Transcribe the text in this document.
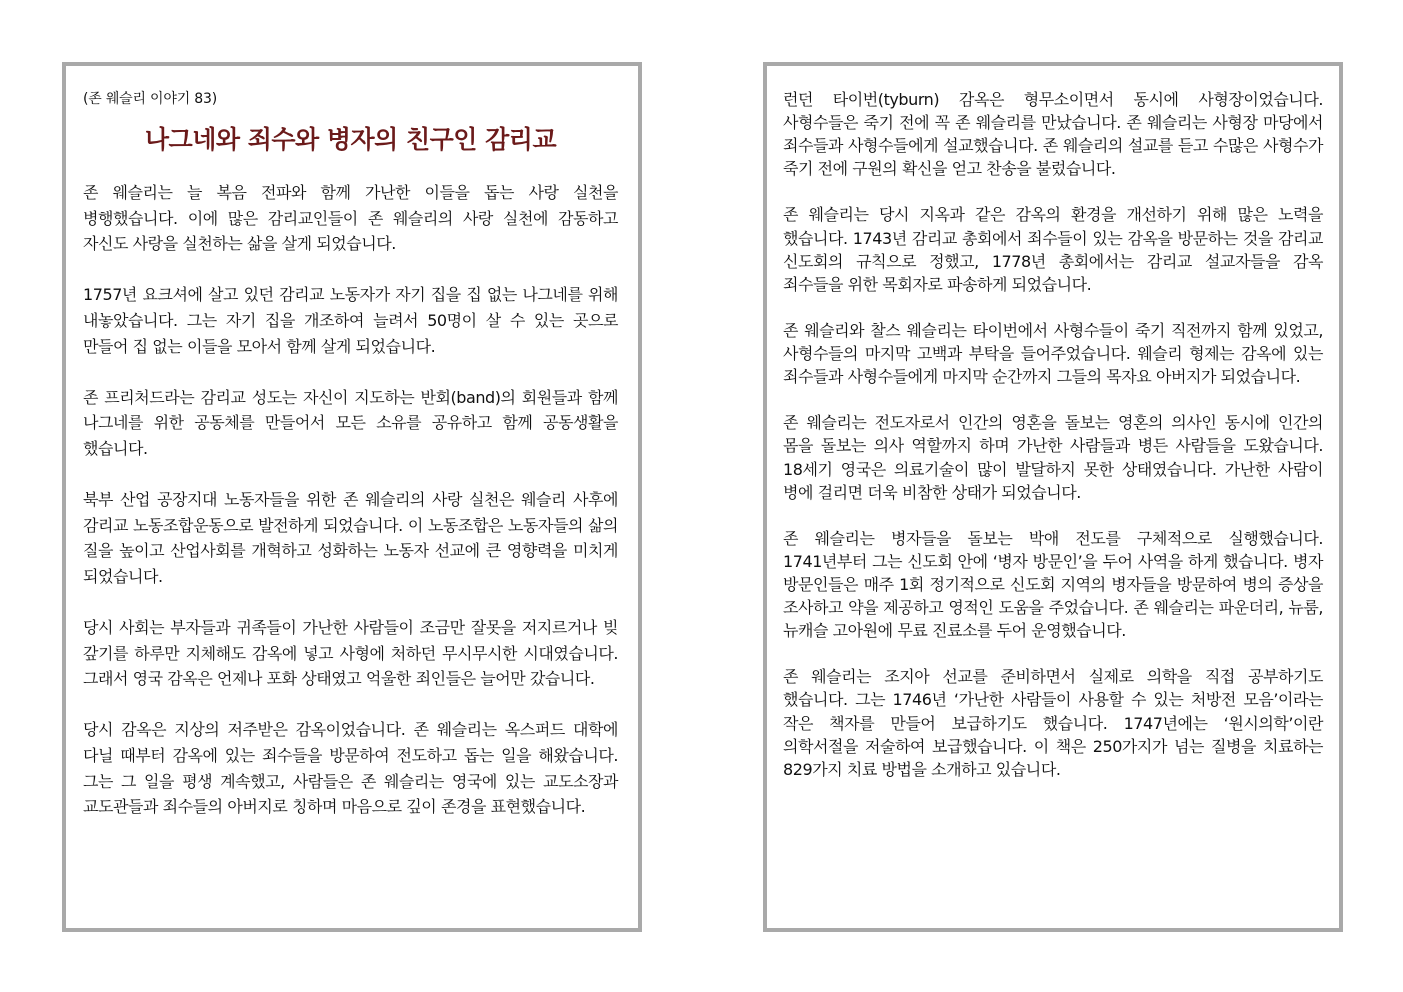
(존 웨슬리 이야기 83)
나그네와 죄수와 병자의 친구인 감리교

존 웨슬리는 늘 복음 전파와 함께 가난한 이들을 돕는 사랑 실천을 병행했습니다. 이에 많은 감리교인들이 존 웨슬리의 사랑 실천에 감동하고 자신도 사랑을 실천하는 삶을 살게 되었습니다.

1757년 요크셔에 살고 있던 감리교 노동자가 자기 집을 집 없는 나그네를 위해 내놓았습니다. 그는 자기 집을 개조하여 늘려서 50명이 살 수 있는 곳으로 만들어 집 없는 이들을 모아서 함께 살게 되었습니다.

존 프리처드라는 감리교 성도는 자신이 지도하는 반회(band)의 회원들과 함께 나그네를 위한 공동체를 만들어서 모든 소유를 공유하고 함께 공동생활을 했습니다.

북부 산업 공장지대 노동자들을 위한 존 웨슬리의 사랑 실천은 웨슬리 사후에 감리교 노동조합운동으로 발전하게 되었습니다. 이 노동조합은 노동자들의 삶의 질을 높이고 산업사회를 개혁하고 성화하는 노동자 선교에 큰 영향력을 미치게 되었습니다.

당시 사회는 부자들과 귀족들이 가난한 사람들이 조금만 잘못을 저지르거나 빚 갚기를 하루만 지체해도 감옥에 넣고 사형에 처하던 무시무시한 시대였습니다. 그래서 영국 감옥은 언제나 포화 상태였고 억울한 죄인들은 늘어만 갔습니다.

당시 감옥은 지상의 저주받은 감옥이었습니다. 존 웨슬리는 옥스퍼드 대학에 다닐 때부터 감옥에 있는 죄수들을 방문하여 전도하고 돕는 일을 해왔습니다. 그는 그 일을 평생 계속했고, 사람들은 존 웨슬리는 영국에 있는 교도소장과 교도관들과 죄수들의 아버지로 칭하며 마음으로 깊이 존경을 표현했습니다.

런던 타이번(tyburn) 감옥은 형무소이면서 동시에 사형장이었습니다. 사형수들은 죽기 전에 꼭 존 웨슬리를 만났습니다. 존 웨슬리는 사형장 마당에서 죄수들과 사형수들에게 설교했습니다. 존 웨슬리의 설교를 듣고 수많은 사형수가 죽기 전에 구원의 확신을 얻고 찬송을 불렀습니다.

존 웨슬리는 당시 지옥과 같은 감옥의 환경을 개선하기 위해 많은 노력을 했습니다. 1743년 감리교 총회에서 죄수들이 있는 감옥을 방문하는 것을 감리교 신도회의 규칙으로 정했고, 1778년 총회에서는 감리교 설교자들을 감옥 죄수들을 위한 목회자로 파송하게 되었습니다.

존 웨슬리와 찰스 웨슬리는 타이번에서 사형수들이 죽기 직전까지 함께 있었고, 사형수들의 마지막 고백과 부탁을 들어주었습니다. 웨슬리 형제는 감옥에 있는 죄수들과 사형수들에게 마지막 순간까지 그들의 목자요 아버지가 되었습니다.

존 웨슬리는 전도자로서 인간의 영혼을 돌보는 영혼의 의사인 동시에 인간의 몸을 돌보는 의사 역할까지 하며 가난한 사람들과 병든 사람들을 도왔습니다. 18세기 영국은 의료기술이 많이 발달하지 못한 상태였습니다. 가난한 사람이 병에 걸리면 더욱 비참한 상태가 되었습니다.

존 웨슬리는 병자들을 돌보는 박애 전도를 구체적으로 실행했습니다. 1741년부터 그는 신도회 안에 ‘병자 방문인’을 두어 사역을 하게 했습니다. 병자 방문인들은 매주 1회 정기적으로 신도회 지역의 병자들을 방문하여 병의 증상을 조사하고 약을 제공하고 영적인 도움을 주었습니다. 존 웨슬리는 파운더리, 뉴룸, 뉴캐슬 고아원에 무료 진료소를 두어 운영했습니다.

존 웨슬리는 조지아 선교를 준비하면서 실제로 의학을 직접 공부하기도 했습니다. 그는 1746년 ‘가난한 사람들이 사용할 수 있는 처방전 모음’이라는 작은 책자를 만들어 보급하기도 했습니다. 1747년에는 ‘원시의학’이란 의학서절을 저술하여 보급했습니다. 이 책은 250가지가 넘는 질병을 치료하는 829가지 치료 방법을 소개하고 있습니다.
